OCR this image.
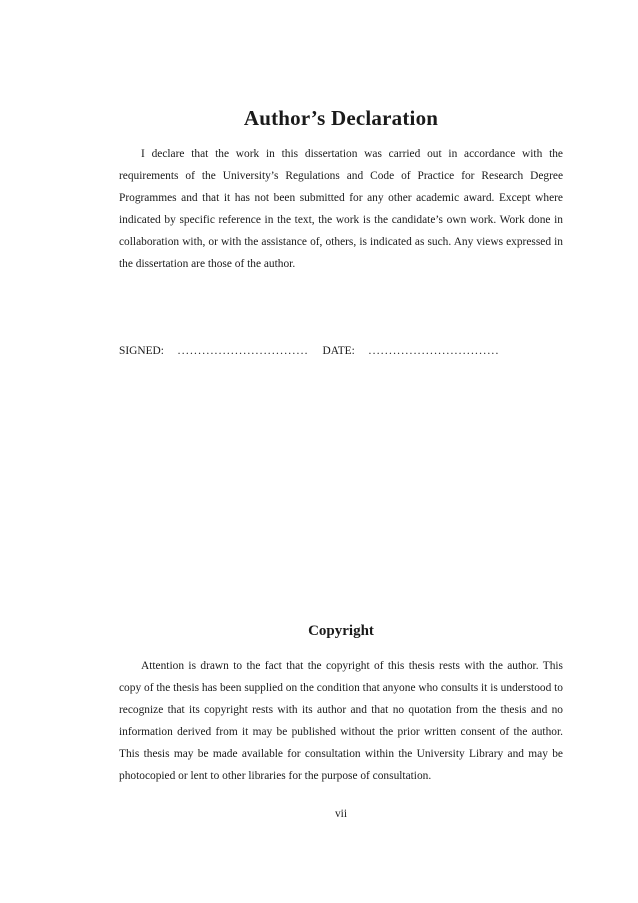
Author’s Declaration

I declare that the work in this dissertation was carried out in accordance with the requirements of the University’s Regulations and Code of Practice for Research Degree Programmes and that it has not been submitted for any other academic award. Except where indicated by specific reference in the text, the work is the candidate’s own work. Work done in collaboration with, or with the assistance of, others, is indicated as such. Any views expressed in the dissertation are those of the author.

SIGNED: ................................ DATE: ................................
Copyright

Attention is drawn to the fact that the copyright of this thesis rests with the author. This copy of the thesis has been supplied on the condition that anyone who consults it is understood to recognize that its copyright rests with its author and that no quotation from the thesis and no information derived from it may be published without the prior written consent of the author. This thesis may be made available for consultation within the University Library and may be photocopied or lent to other libraries for the purpose of consultation.

vii
